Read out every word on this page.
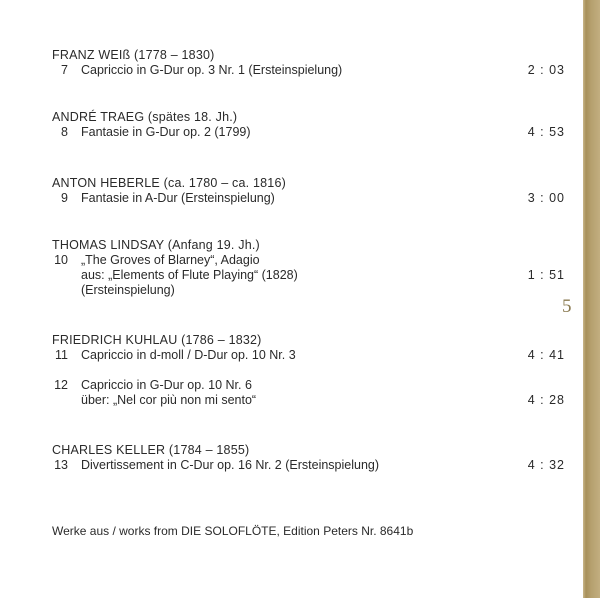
FRANZ WEIß (1778 – 1830)
7 Capriccio in G-Dur op. 3 Nr. 1 (Ersteinspielung)	2 : 03
ANDRÉ TRAEG (spätes 18. Jh.)
8 Fantasie in G-Dur op. 2 (1799)	4 : 53
ANTON HEBERLE (ca. 1780 – ca. 1816)
9 Fantasie in A-Dur (Ersteinspielung)	3 : 00
THOMAS LINDSAY (Anfang 19. Jh.)
10 „The Groves of Blarney“, Adagio
aus: „Elements of Flute Playing“ (1828)	1 : 51
(Ersteinspielung)
FRIEDRICH KUHLAU (1786 – 1832)
11 Capriccio in d-moll / D-Dur op. 10 Nr. 3	4 : 41
12 Capriccio in G-Dur op. 10 Nr. 6
über: „Nel cor più non mi sento“	4 : 28
CHARLES KELLER (1784 – 1855)
13 Divertissement in C-Dur op. 16 Nr. 2 (Ersteinspielung)	4 : 32
Werke aus / works from DIE SOLOFLÖTE, Edition Peters Nr. 8641b
5
